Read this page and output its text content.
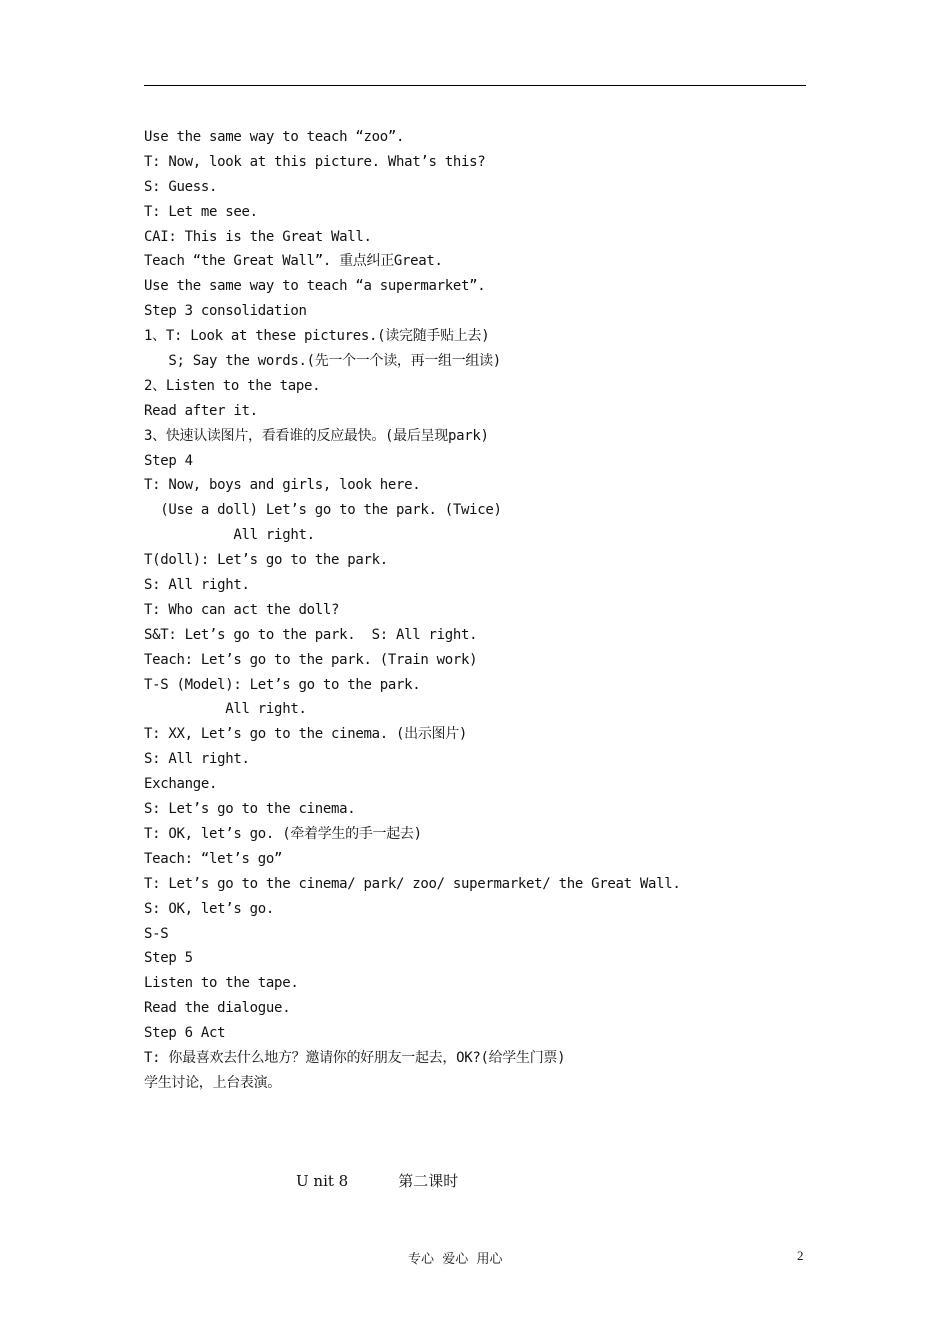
Use the same way to teach “zoo”.
T: Now, look at this picture. What’s this?
S: Guess.
T: Let me see.
CAI: This is the Great Wall.
Teach “the Great Wall”. 重点纠正Great.
Use the same way to teach “a supermarket”.
Step 3 consolidation
1、T: Look at these pictures.(读完随手贴上去)
S; Say the words.(先一个一个读，再一组一组读)
2、Listen to the tape.
Read after it.
3、快速认读图片，看看谁的反应最快。(最后呈现park)
Step 4
T: Now, boys and girls, look here.
(Use a doll) Let’s go to the park. (Twice)
All right.
T(doll): Let’s go to the park.
S: All right.
T: Who can act the doll?
S&T: Let’s go to the park.  S: All right.
Teach: Let’s go to the park. (Train work)
T-S (Model): Let’s go to the park.
All right.
T: XX, Let’s go to the cinema. (出示图片)
S: All right.
Exchange.
S: Let’s go to the cinema.
T: OK, let’s go. (牵着学生的手一起去)
Teach: “let’s go”
T: Let’s go to the cinema/ park/ zoo/ supermarket/ the Great Wall.
S: OK, let’s go.
S-S
Step 5
Listen to the tape.
Read the dialogue.
Step 6 Act
T: 你最喜欢去什么地方？邀请你的好朋友一起去，OK?(给学生门票)
学生讨论，上台表演。
U nit 8	第二课时
专心  爱心  用心	2
